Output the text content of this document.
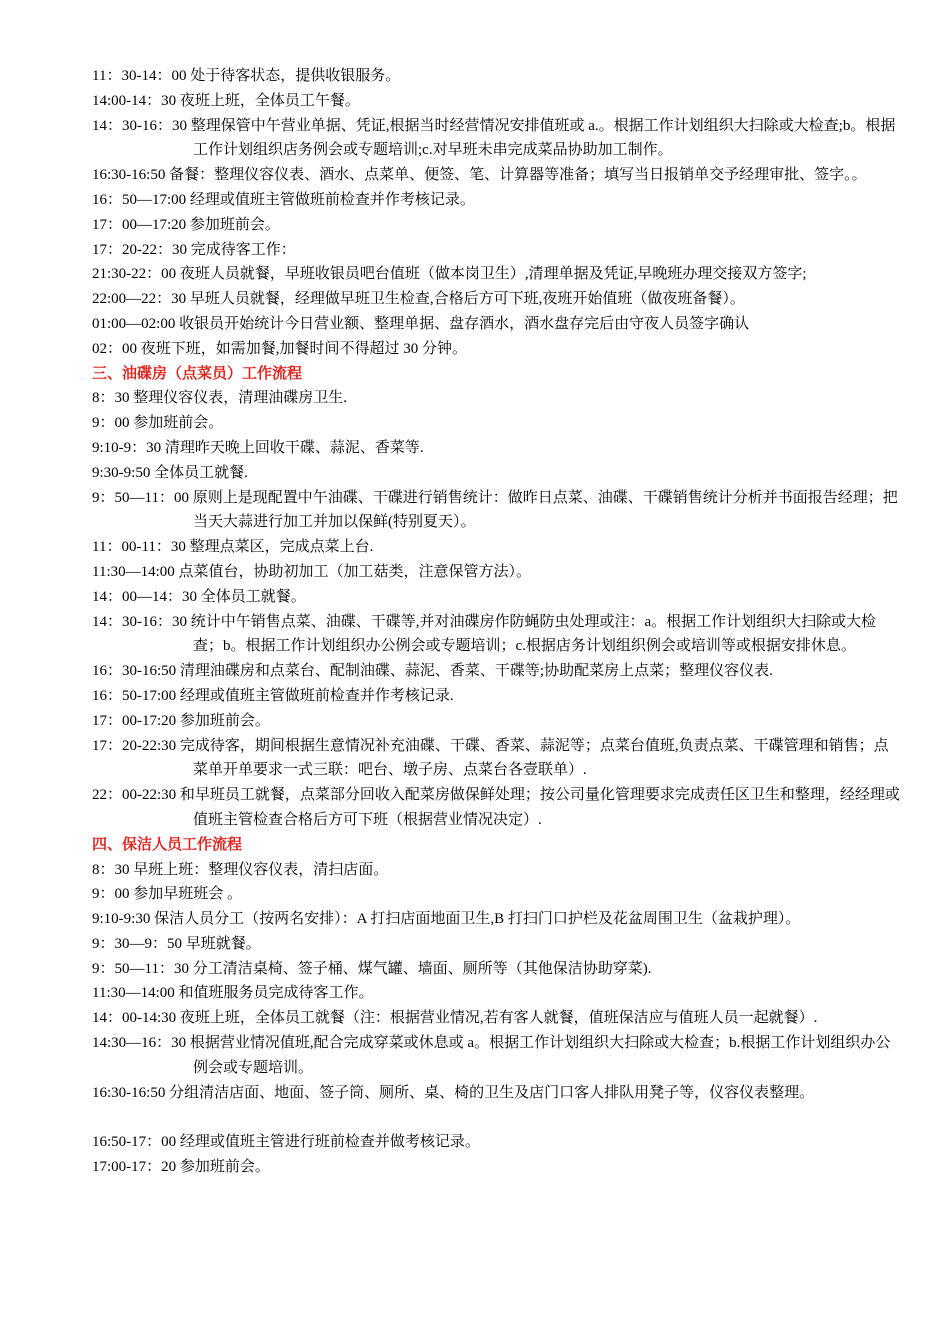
11：30-14：00 处于待客状态，提供收银服务。

14:00-14：30 夜班上班，全体员工午餐。

14：30-16：30 整理保管中午营业单据、凭证,根据当时经营情况安排值班或 a.。根据工作计划组织大扫除或大检查;b。根据工作计划组织店务例会或专题培训;c.对早班未串完成菜品协助加工制作。

16:30-16:50 备餐：整理仪容仪表、酒水、点菜单、便签、笔、计算器等准备；填写当日报销单交予经理审批、签字。。

16：50—17:00 经理或值班主管做班前检查并作考核记录。

17：00—17:20 参加班前会。

17：20-22：30 完成待客工作：

21:30-22：00 夜班人员就餐，早班收银员吧台值班（做本岗卫生）,清理单据及凭证,早晚班办理交接双方签字;

22:00—22：30 早班人员就餐，经理做早班卫生检查,合格后方可下班,夜班开始值班（做夜班备餐）。

01:00—02:00 收银员开始统计今日营业额、整理单据、盘存酒水，酒水盘存完后由守夜人员签字确认

02：00 夜班下班，如需加餐,加餐时间不得超过 30 分钟。

三、油碟房（点菜员）工作流程

8：30 整理仪容仪表，清理油碟房卫生.

9：00 参加班前会。

9:10-9：30 清理昨天晚上回收干碟、蒜泥、香菜等.

9:30-9:50 全体员工就餐.

9：50—11：00 原则上是现配置中午油碟、干碟进行销售统计：做昨日点菜、油碟、干碟销售统计分析并书面报告经理；把当天大蒜进行加工并加以保鲜(特别夏天）。

11：00-11：30 整理点菜区，完成点菜上台.

11:30—14:00 点菜值台，协助初加工（加工菇类，注意保管方法）。

14：00—14：30 全体员工就餐。

14：30-16：30 统计中午销售点菜、油碟、干碟等,并对油碟房作防蝇防虫处理或注：a。根据工作计划组织大扫除或大检查；b。根据工作计划组织办公例会或专题培训；c.根据店务计划组织例会或培训等或根据安排休息。

16：30-16:50 清理油碟房和点菜台、配制油碟、蒜泥、香菜、干碟等;协助配菜房上点菜；整理仪容仪表.

16：50-17:00 经理或值班主管做班前检查并作考核记录.

17：00-17:20 参加班前会。

17：20-22:30 完成待客，期间根据生意情况补充油碟、干碟、香菜、蒜泥等；点菜台值班,负责点菜、干碟管理和销售；点菜单开单要求一式三联：吧台、墩子房、点菜台各壹联单）.

22：00-22:30 和早班员工就餐，点菜部分回收入配菜房做保鲜处理；按公司量化管理要求完成责任区卫生和整理，经经理或值班主管检查合格后方可下班（根据营业情况决定）.

四、保洁人员工作流程

8：30 早班上班：整理仪容仪表，清扫店面。

9：00 参加早班班会 。

9:10-9:30 保洁人员分工（按两名安排）：A 打扫店面地面卫生,B 打扫门口护栏及花盆周围卫生（盆栽护理）。

9：30—9：50 早班就餐。

9：50—11：30 分工清洁桌椅、签子桶、煤气罐、墙面、厕所等（其他保洁协助穿菜).

11:30—14:00 和值班服务员完成待客工作。

14：00-14:30 夜班上班，全体员工就餐（注：根据营业情况,若有客人就餐，值班保洁应与值班人员一起就餐）.

14:30—16：30 根据营业情况值班,配合完成穿菜或休息或 a。根据工作计划组织大扫除或大检查；b.根据工作计划组织办公例会或专题培训。

16:30-16:50 分组清洁店面、地面、签子筒、厕所、桌、椅的卫生及店门口客人排队用凳子等，仪容仪表整理。

16:50-17：00 经理或值班主管进行班前检查并做考核记录。

17:00-17：20 参加班前会。
